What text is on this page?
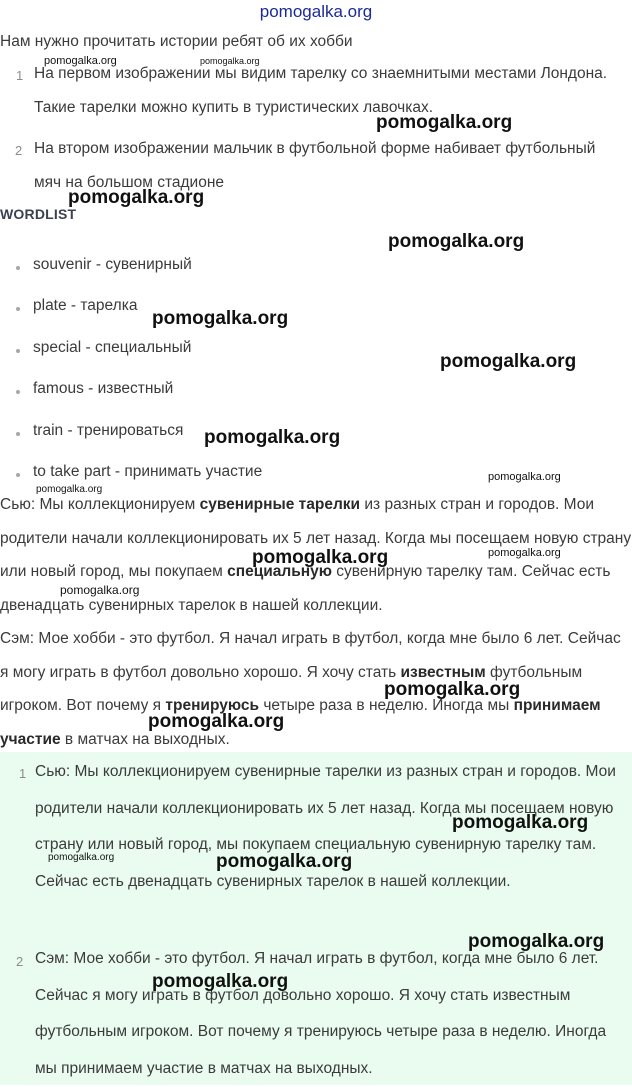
pomogalka.org
Нам нужно прочитать истории ребят об их хобби
1 На первом изображении мы видим тарелку со знаемнитыми местами Лондона. Такие тарелки можно купить в туристических лавочках.
2 На втором изображении мальчик в футбольной форме набивает футбольный мяч на большом стадионе
WORDLIST
souvenir - сувенирный
plate - тарелка
special - специальный
famous - известный
train - тренироваться
to take part - принимать участие
Сью: Мы коллекционируем сувенирные тарелки из разных стран и городов. Мои родители начали коллекционировать их 5 лет назад. Когда мы посещаем новую страну или новый город, мы покупаем специальную сувенирную тарелку там. Сейчас есть двенадцать сувенирных тарелок в нашей коллекции.
Сэм: Мое хобби - это футбол. Я начал играть в футбол, когда мне было 6 лет. Сейчас я могу играть в футбол довольно хорошо. Я хочу стать известным футбольным игроком. Вот почему я тренируюсь четыре раза в неделю. Иногда мы принимаем участие в матчах на выходных.
1 Сью: Мы коллекционируем сувенирные тарелки из разных стран и городов. Мои родители начали коллекционировать их 5 лет назад. Когда мы посещаем новую страну или новый город, мы покупаем специальную сувенирную тарелку там. Сейчас есть двенадцать сувенирных тарелок в нашей коллекции.
2 Сэм: Мое хобби - это футбол. Я начал играть в футбол, когда мне было 6 лет. Сейчас я могу играть в футбол довольно хорошо. Я хочу стать известным футбольным игроком. Вот почему я тренируюсь четыре раза в неделю. Иногда мы принимаем участие в матчах на выходных.
pomogalka.org	pomogalka.org
pomogalka.org
pomogalka.org
pomogalka.org
pomogalka.org
pomogalka.org
pomogalka.org
pomogalka.org
pomogalka.org
pomogalka.org	pomogalka.org
pomogalka.org
pomogalka.org
pomogalka.org
pomogalka.org
pomogalka.org	pomogalka.org
pomogalka.org
pomogalka.org
